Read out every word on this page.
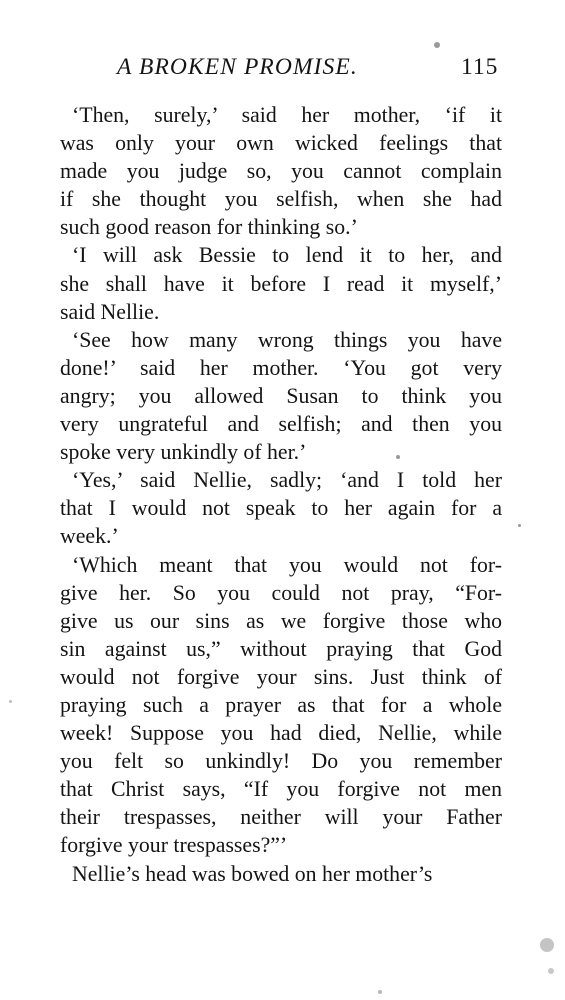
A BROKEN PROMISE.	115
‘Then, surely,’ said her mother, ‘if it
was only your own wicked feelings that
made you judge so, you cannot complain
if she thought you selfish, when she had
such good reason for thinking so.’
‘I will ask Bessie to lend it to her, and
she shall have it before I read it myself,’
said Nellie.
‘See how many wrong things you have
done!’ said her mother. ‘You got very
angry; you allowed Susan to think you
very ungrateful and selfish; and then you
spoke very unkindly of her.’
‘Yes,’ said Nellie, sadly; ‘and I told her
that I would not speak to her again for a
week.’
‘Which meant that you would not for-
give her. So you could not pray, “For-
give us our sins as we forgive those who
sin against us,” without praying that God
would not forgive your sins. Just think of
praying such a prayer as that for a whole
week! Suppose you had died, Nellie, while
you felt so unkindly! Do you remember
that Christ says, “If you forgive not men
their trespasses, neither will your Father
forgive your trespasses?”’
Nellie’s head was bowed on her mother’s
